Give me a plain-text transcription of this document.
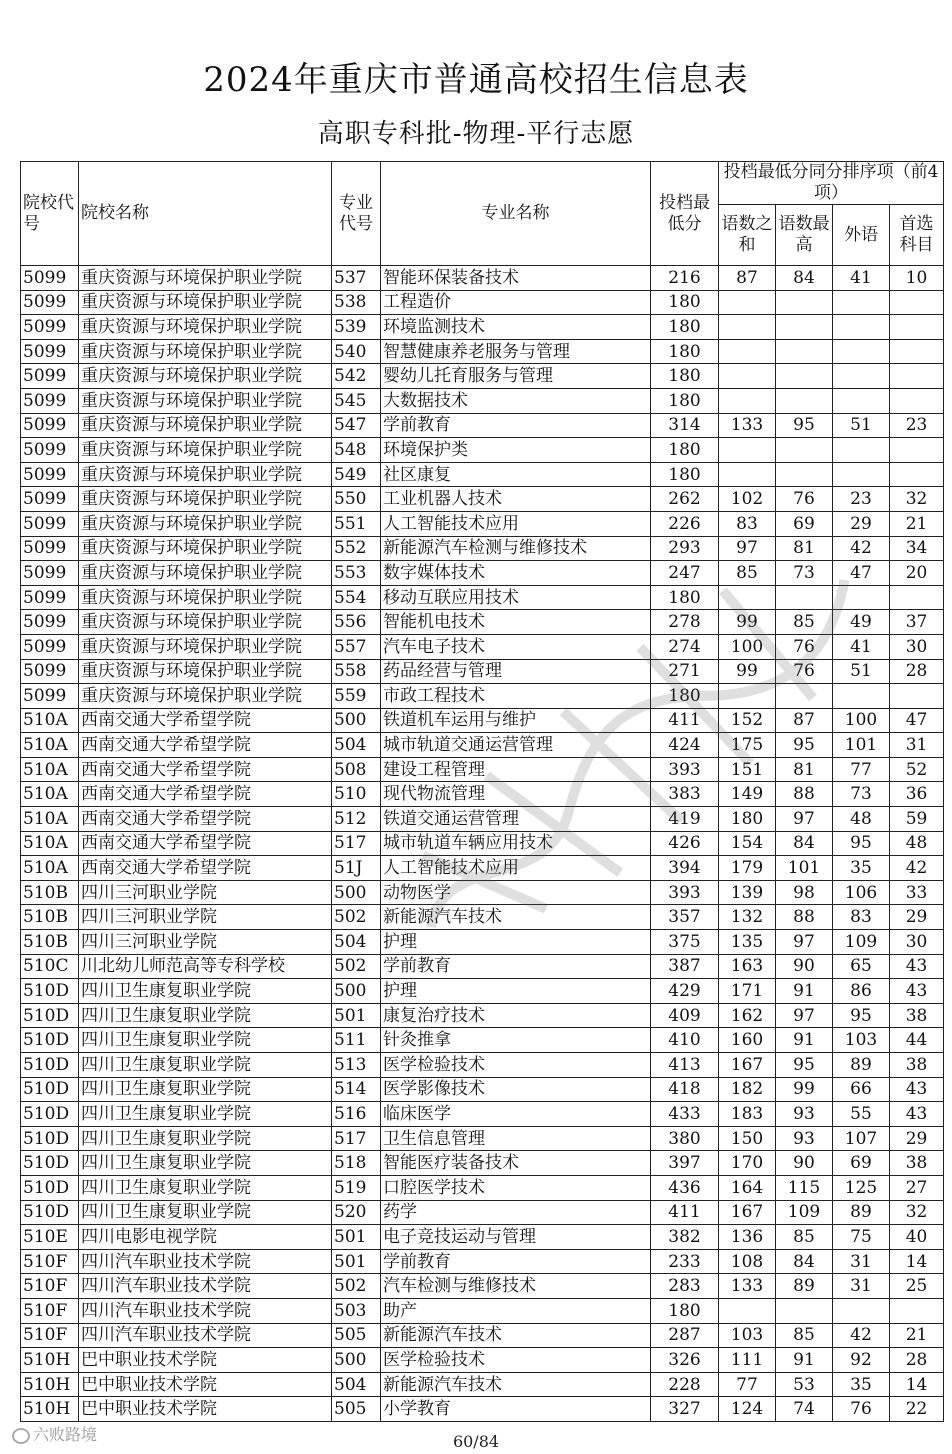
2024年重庆市普通高校招生信息表
高职专科批-物理-平行志愿
院校代号	院校名称	专业代号	专业名称	投档最低分	投档最低分同分排序项（前4项）			
					语数之和	语数最高	外语	首选科目
5099	重庆资源与环境保护职业学院	537	智能环保装备技术	216	87	84	41	10
5099	重庆资源与环境保护职业学院	538	工程造价	180				
5099	重庆资源与环境保护职业学院	539	环境监测技术	180				
5099	重庆资源与环境保护职业学院	540	智慧健康养老服务与管理	180				
5099	重庆资源与环境保护职业学院	542	婴幼儿托育服务与管理	180				
5099	重庆资源与环境保护职业学院	545	大数据技术	180				
5099	重庆资源与环境保护职业学院	547	学前教育	314	133	95	51	23
5099	重庆资源与环境保护职业学院	548	环境保护类	180				
5099	重庆资源与环境保护职业学院	549	社区康复	180				
5099	重庆资源与环境保护职业学院	550	工业机器人技术	262	102	76	23	32
5099	重庆资源与环境保护职业学院	551	人工智能技术应用	226	83	69	29	21
5099	重庆资源与环境保护职业学院	552	新能源汽车检测与维修技术	293	97	81	42	34
5099	重庆资源与环境保护职业学院	553	数字媒体技术	247	85	73	47	20
5099	重庆资源与环境保护职业学院	554	移动互联应用技术	180				
5099	重庆资源与环境保护职业学院	556	智能机电技术	278	99	85	49	37
5099	重庆资源与环境保护职业学院	557	汽车电子技术	274	100	76	41	30
5099	重庆资源与环境保护职业学院	558	药品经营与管理	271	99	76	51	28
5099	重庆资源与环境保护职业学院	559	市政工程技术	180				
510A	西南交通大学希望学院	500	铁道机车运用与维护	411	152	87	100	47
510A	西南交通大学希望学院	504	城市轨道交通运营管理	424	175	95	101	31
510A	西南交通大学希望学院	508	建设工程管理	393	151	81	77	52
510A	西南交通大学希望学院	510	现代物流管理	383	149	88	73	36
510A	西南交通大学希望学院	512	铁道交通运营管理	419	180	97	48	59
510A	西南交通大学希望学院	517	城市轨道车辆应用技术	426	154	84	95	48
510A	西南交通大学希望学院	51J	人工智能技术应用	394	179	101	35	42
510B	四川三河职业学院	500	动物医学	393	139	98	106	33
510B	四川三河职业学院	502	新能源汽车技术	357	132	88	83	29
510B	四川三河职业学院	504	护理	375	135	97	109	30
510C	川北幼儿师范高等专科学校	502	学前教育	387	163	90	65	43
510D	四川卫生康复职业学院	500	护理	429	171	91	86	43
510D	四川卫生康复职业学院	501	康复治疗技术	409	162	97	95	38
510D	四川卫生康复职业学院	511	针灸推拿	410	160	91	103	44
510D	四川卫生康复职业学院	513	医学检验技术	413	167	95	89	38
510D	四川卫生康复职业学院	514	医学影像技术	418	182	99	66	43
510D	四川卫生康复职业学院	516	临床医学	433	183	93	55	43
510D	四川卫生康复职业学院	517	卫生信息管理	380	150	93	107	29
510D	四川卫生康复职业学院	518	智能医疗装备技术	397	170	90	69	38
510D	四川卫生康复职业学院	519	口腔医学技术	436	164	115	125	27
510D	四川卫生康复职业学院	520	药学	411	167	109	89	32
510E	四川电影电视学院	501	电子竞技运动与管理	382	136	85	75	40
510F	四川汽车职业技术学院	501	学前教育	233	108	84	31	14
510F	四川汽车职业技术学院	502	汽车检测与维修技术	283	133	89	31	25
510F	四川汽车职业技术学院	503	助产	180				
510F	四川汽车职业技术学院	505	新能源汽车技术	287	103	85	42	21
510H	巴中职业技术学院	500	医学检验技术	326	111	91	92	28
510H	巴中职业技术学院	504	新能源汽车技术	228	77	53	35	14
510H	巴中职业技术学院	505	小学教育	327	124	74	76	22
六败路境	60/84
